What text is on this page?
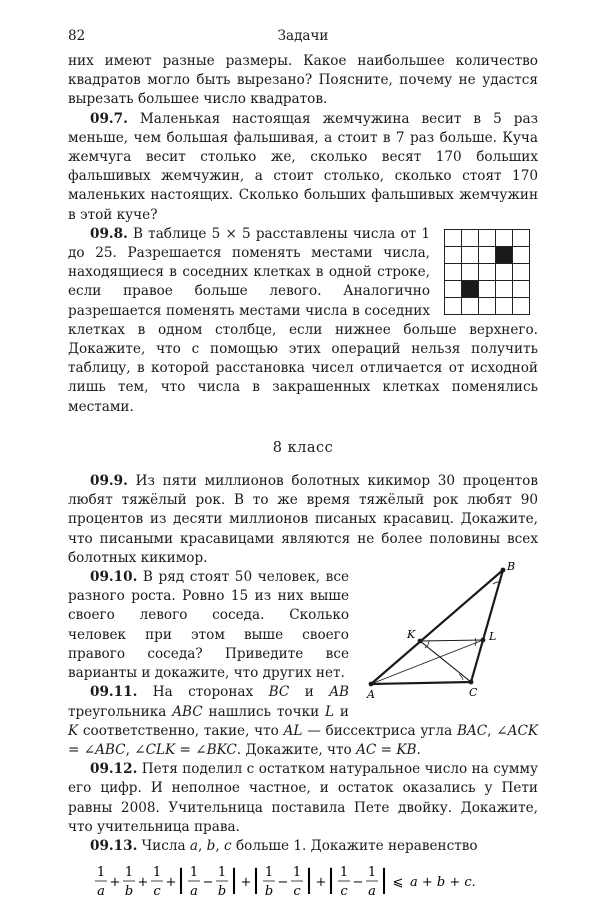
82	Задачи

них имеют разные размеры. Какое наибольшее количество квадратов могло быть вырезано? Поясните, почему не удастся вырезать большее число квадратов.

09.7. Маленькая настоящая жемчужина весит в 5 раз меньше, чем большая фальшивая, а стоит в 7 раз больше. Куча жемчуга весит столько же, сколько весят 170 больших фальшивых жемчужин, а стоит столько, сколько стоят 170 маленьких настоящих. Сколько больших фальшивых жемчужин в этой куче?

09.8. В таблице 5 × 5 расставлены числа от 1 до 25. Разрешается поменять местами числа, находящиеся в соседних клетках в одной строке, если правое больше левого. Аналогично разрешается поменять местами числа в соседних клетках в одном столбце, если нижнее больше верхнего. Докажите, что с помощью этих операций нельзя получить таблицу, в которой расстановка чисел отличается от исходной лишь тем, что числа в закрашенных клетках поменялись местами.

8 класс

09.9. Из пяти миллионов болотных кикимор 30 процентов любят тяжёлый рок. В то же время тяжёлый рок любят 90 процентов из десяти миллионов писаных красавиц. Докажите, что писаными красавицами являются не более половины всех болотных кикимор.

A
B
C
K	L

09.10. В ряд стоят 50 человек, все разного роста. Ровно 15 из них выше своего левого соседа. Сколько человек при этом выше своего правого соседа? Приведите все варианты и докажите, что других нет.

09.11. На сторонах BC и AB треугольника ABC нашлись точки L и K соответственно, такие, что AL — биссектриса угла BAC, ∠ACK = ∠ABC, ∠CLK = ∠BKC. Докажите, что AC = KB.

09.12. Петя поделил с остатком натуральное число на сумму его цифр. И неполное частное, и остаток оказались у Пети равны 2008. Учительница поставила Пете двойку. Докажите, что учительница права.

09.13. Числа a, b, c больше 1. Докажите неравенство

1
a
+
1
b
+
1
c
+ | 1
a
−
1
b | + | 1
b
−
1
c | + | 1
c
−
1
a | ⩽ a + b + c.
